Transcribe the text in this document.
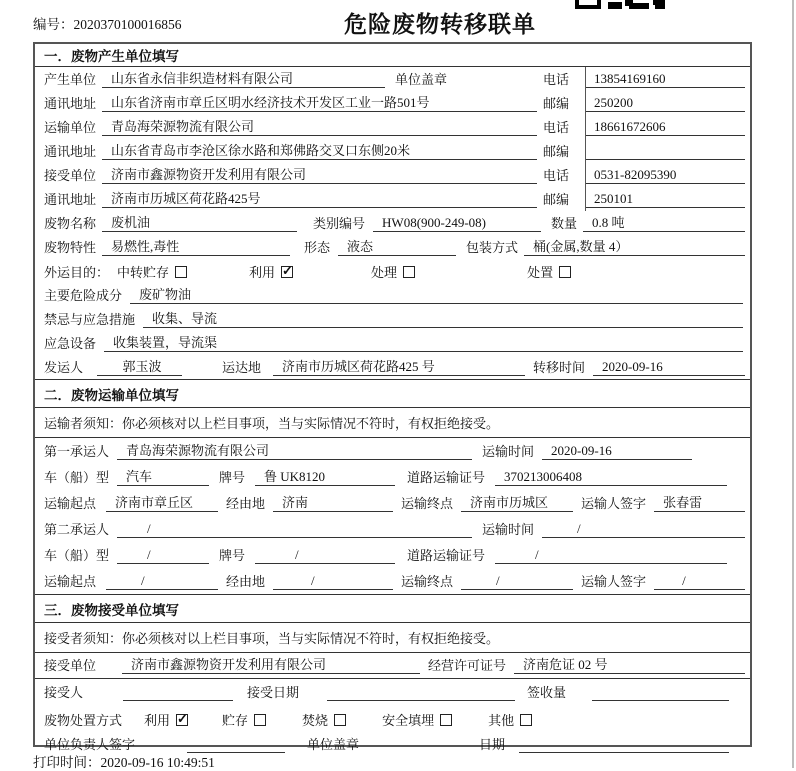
编号：2020370100016856	危险废物转移联单
一．废物产生单位填写
产生单位	山东省永信非织造材料有限公司	单位盖章	电话	13854169160
通讯地址	山东省济南市章丘区明水经济技术开发区工业一路501号	邮编	250200
运输单位	青岛海荣源物流有限公司	电话	18661672606
通讯地址	山东省青岛市李沧区徐水路和郑佛路交叉口东侧20米	邮编
接受单位	济南市鑫源物资开发利用有限公司	电话	0531-82095390
通讯地址	济南市历城区荷花路425号	邮编	250101
废物名称	废机油	类别编号	HW08(900-249-08)	数量	0.8 吨
废物特性	易燃性,毒性	形态	液态	包装方式	桶(金属,数量 4）
外运目的： 中转贮存	利用 ✓	处理	处置
主要危险成分	废矿物油
禁忌与应急措施	收集、导流
应急设备	收集装置，导流渠
发运人	郭玉波	运达地	济南市历城区荷花路425 号	转移时间	2020-09-16
二．废物运输单位填写
运输者须知：你必须核对以上栏目事项，当与实际情况不符时，有权拒绝接受。
第一承运人	青岛海荣源物流有限公司	运输时间	2020-09-16
车（船）型	汽车	牌号	鲁 UK8120	道路运输证号	370213006408
运输起点	济南市章丘区	经由地	济南	运输终点	济南市历城区	运输人签字	张春雷
第二承运人	/	运输时间	/
车（船）型	/	牌号	/	道路运输证号	/
运输起点	/	经由地	/	运输终点	/	运输人签字	/
三．废物接受单位填写
接受者须知：你必须核对以上栏目事项，当与实际情况不符时，有权拒绝接受。
接受单位	济南市鑫源物资开发利用有限公司	经营许可证号	济南危证 02 号
接受人	接受日期	签收量
废物处置方式 利用 ✓	贮存	焚烧	安全填埋	其他
单位负责人签字	单位盖章	日期
打印时间：2020-09-16 10:49:51
